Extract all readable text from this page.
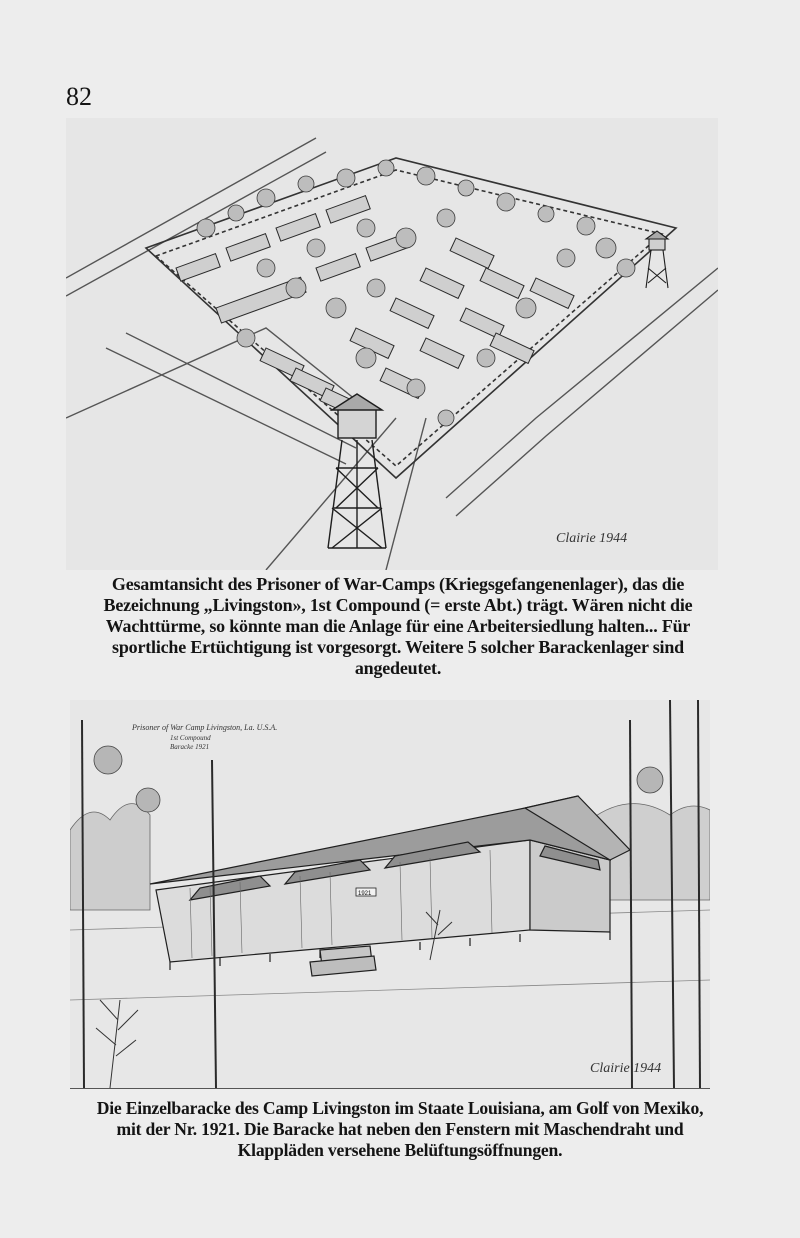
82
Clairie 1944
Gesamtansicht des Prisoner of War-Camps (Kriegsgefangenenlager), das die Bezeichnung „Livingston», 1st Compound (= erste Abt.) trägt. Wären nicht die Wachttürme, so könnte man die Anlage für eine Arbeitersiedlung halten... Für sportliche Ertüchtigung ist vorgesorgt. Weitere 5 solcher Barackenlager sind angedeutet.
1921
Prisoner of War Camp Livingston, La. U.S.A.
1st Compound
Baracke 1921
Clairie 1944
Die Einzelbaracke des Camp Livingston im Staate Louisiana, am Golf von Mexiko, mit der Nr. 1921. Die Baracke hat neben den Fenstern mit Maschendraht und Klappläden versehene Belüftungsöffnungen.
